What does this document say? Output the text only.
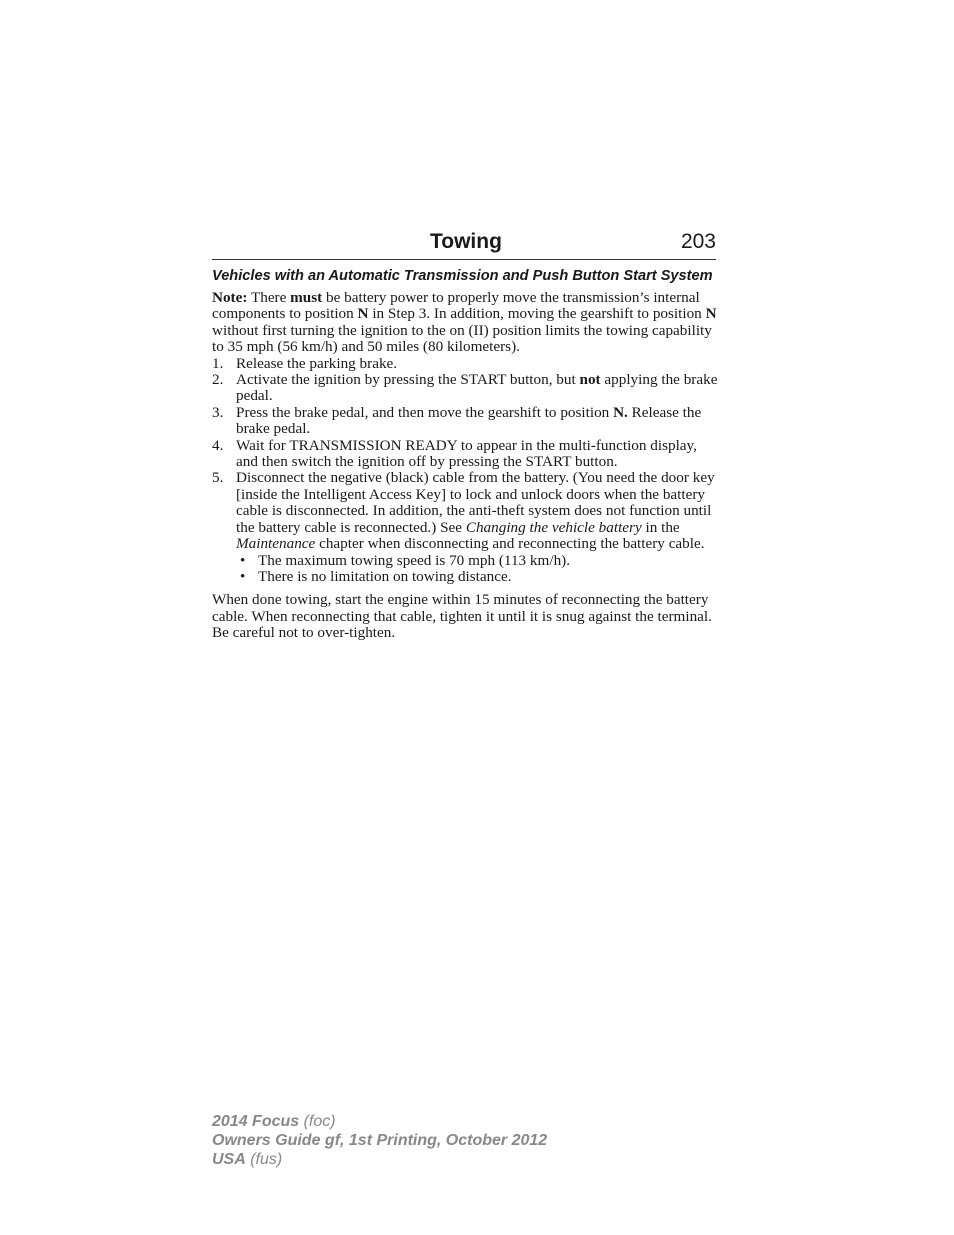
Towing	203
Vehicles with an Automatic Transmission and Push Button Start System

Note: There must be battery power to properly move the transmission’s internal components to position N in Step 3. In addition, moving the gearshift to position N without first turning the ignition to the on (II) position limits the towing capability to 35 mph (56 km/h) and 50 miles (80 kilometers).

1. Release the parking brake.
2. Activate the ignition by pressing the START button, but not applying the brake pedal.
3. Press the brake pedal, and then move the gearshift to position N. Release the brake pedal.
4. Wait for TRANSMISSION READY to appear in the multi-function display, and then switch the ignition off by pressing the START button.
5. Disconnect the negative (black) cable from the battery. (You need the door key [inside the Intelligent Access Key] to lock and unlock doors when the battery cable is disconnected. In addition, the anti-theft system does not function until the battery cable is reconnected.) See Changing the vehicle battery in the Maintenance chapter when disconnecting and reconnecting the battery cable.
• The maximum towing speed is 70 mph (113 km/h).
• There is no limitation on towing distance.

When done towing, start the engine within 15 minutes of reconnecting the battery cable. When reconnecting that cable, tighten it until it is snug against the terminal. Be careful not to over-tighten.

2014 Focus (foc)
Owners Guide gf, 1st Printing, October 2012
USA (fus)
